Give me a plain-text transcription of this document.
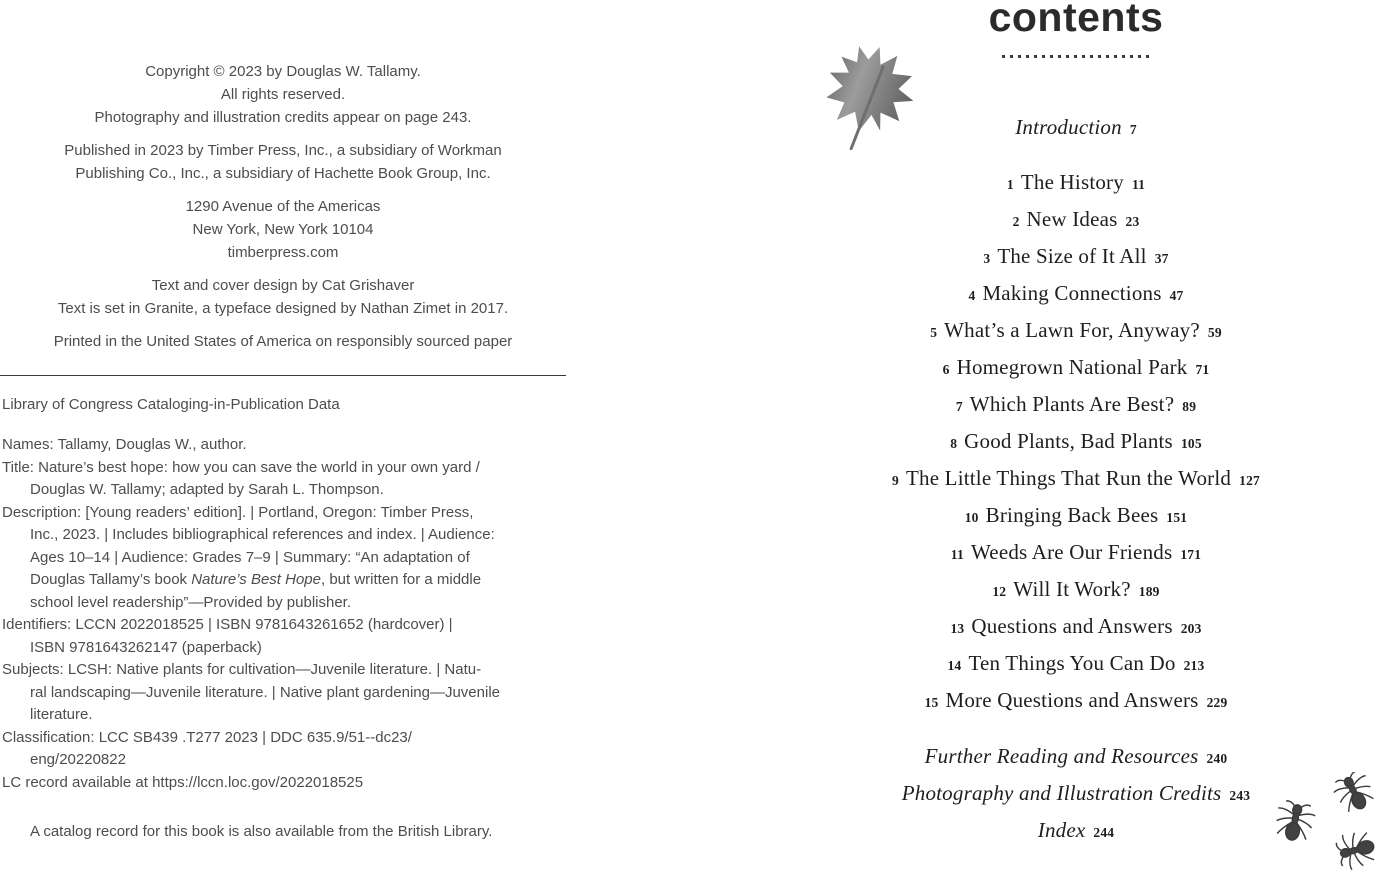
Copyright © 2023 by Douglas W. Tallamy.
All rights reserved.
Photography and illustration credits appear on page 243.
Published in 2023 by Timber Press, Inc., a subsidiary of Workman
Publishing Co., Inc., a subsidiary of Hachette Book Group, Inc.
1290 Avenue of the Americas
New York, New York 10104
timberpress.com
Text and cover design by Cat Grishaver
Text is set in Granite, a typeface designed by Nathan Zimet in 2017.
Printed in the United States of America on responsibly sourced paper
Library of Congress Cataloging-in-Publication Data
Names: Tallamy, Douglas W., author.
Title: Nature’s best hope: how you can save the world in your own yard /
Douglas W. Tallamy; adapted by Sarah L. Thompson.
Description: [Young readers’ edition]. | Portland, Oregon: Timber Press,
Inc., 2023. | Includes bibliographical references and index. | Audience:
Ages 10–14 | Audience: Grades 7–9 | Summary: “An adaptation of
Douglas Tallamy’s book Nature’s Best Hope, but written for a middle
school level readership”—Provided by publisher.
Identifiers: LCCN 2022018525 | ISBN 9781643261652 (hardcover) |
ISBN 9781643262147 (paperback)
Subjects: LCSH: Native plants for cultivation—Juvenile literature. | Natu-
ral landscaping—Juvenile literature. | Native plant gardening—Juvenile
literature.
Classification: LCC SB439 .T277 2023 | DDC 635.9/51--dc23/
eng/20220822
LC record available at https://lccn.loc.gov/2022018525
A catalog record for this book is also available from the British Library.
contents
Introduction 7
1 The History 11
2 New Ideas 23
3 The Size of It All 37
4 Making Connections 47
5 What’s a Lawn For, Anyway? 59
6 Homegrown National Park 71
7 Which Plants Are Best? 89
8 Good Plants, Bad Plants 105
9 The Little Things That Run the World 127
10 Bringing Back Bees 151
11 Weeds Are Our Friends 171
12 Will It Work? 189
13 Questions and Answers 203
14 Ten Things You Can Do 213
15 More Questions and Answers 229
Further Reading and Resources 240
Photography and Illustration Credits 243
Index 244
